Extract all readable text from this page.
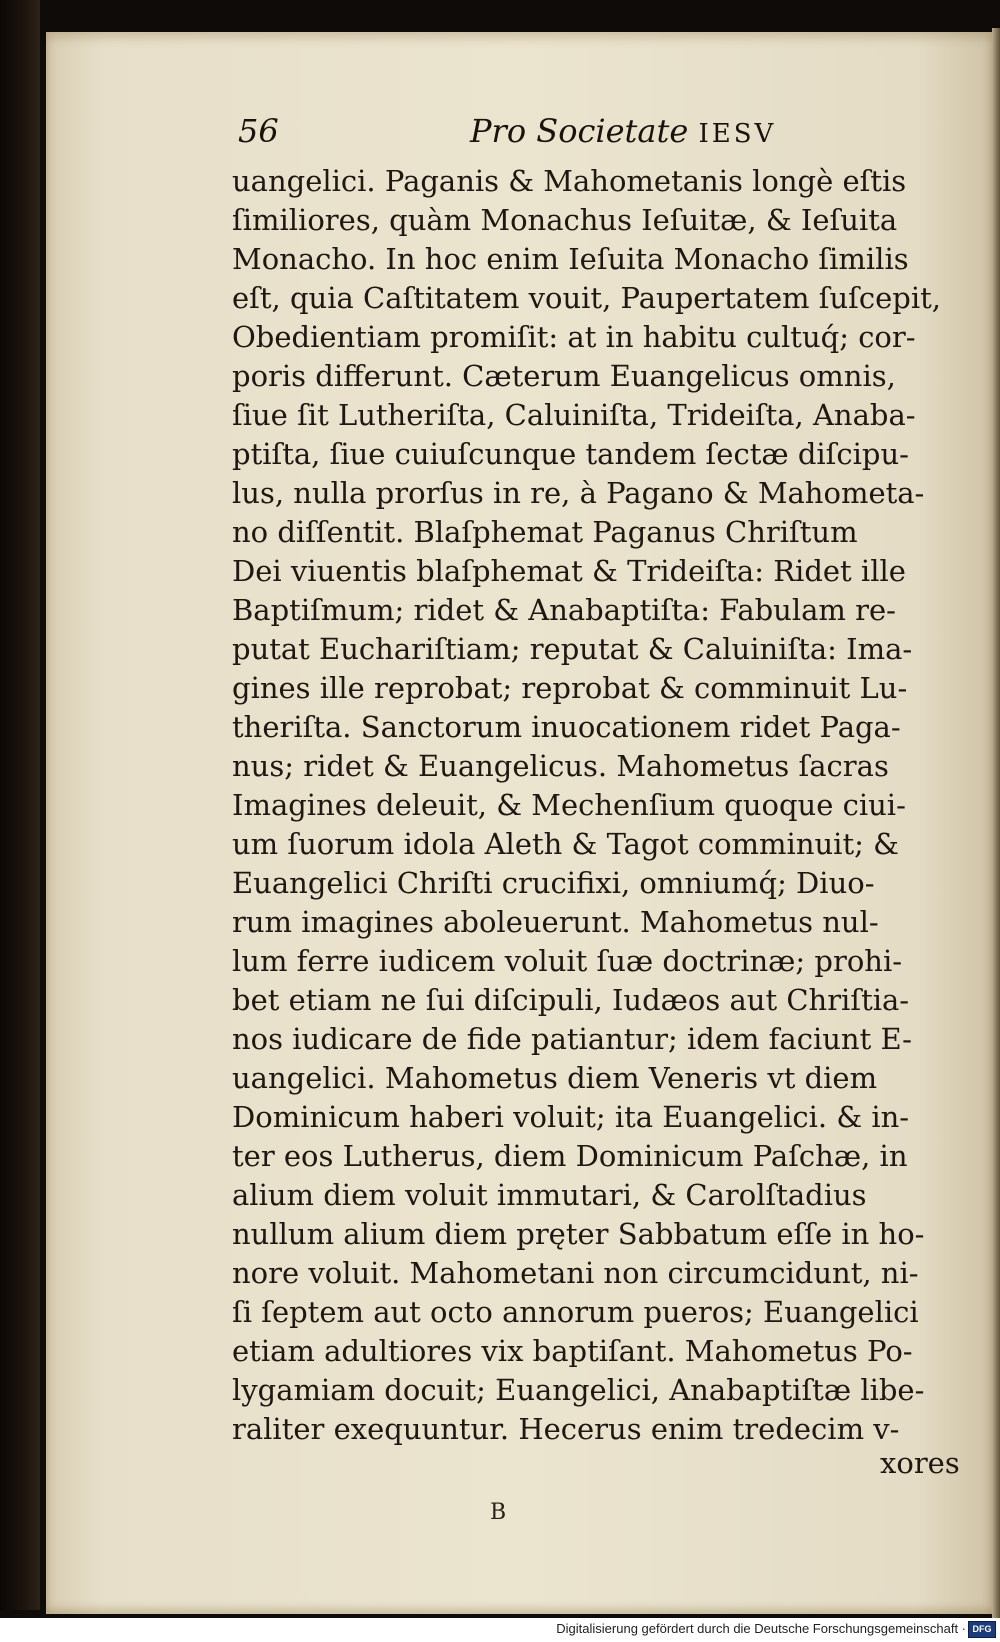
56	Pro Societate IESV
uangelici. Paganis & Mahometanis longè eſtis
ſimiliores, quàm Monachus Ieſuitæ, & Ieſuita
Monacho. In hoc enim Ieſuita Monacho ſimilis
eſt, quia Caſtitatem vouit, Paupertatem ſuſcepit,
Obedientiam promiſit: at in habitu cultuq́; cor-
poris differunt. Cæterum Euangelicus omnis,
ſiue ſit Lutheriſta, Caluiniſta, Trideiſta, Anaba-
ptiſta, ſiue cuiuſcunque tandem ſectæ diſcipu-
lus, nulla prorſus in re, à Pagano & Mahometa-
no diſſentit. Blaſphemat Paganus Chriſtum
Dei viuentis blaſphemat & Trideiſta: Ridet ille
Baptiſmum; ridet & Anabaptiſta: Fabulam re-
putat Euchariſtiam; reputat & Caluiniſta: Ima-
gines ille reprobat; reprobat & comminuit Lu-
theriſta. Sanctorum inuocationem ridet Paga-
nus; ridet & Euangelicus. Mahometus ſacras
Imagines deleuit, & Mechenſium quoque ciui-
um ſuorum idola Aleth & Tagot comminuit; &
Euangelici Chriſti crucifixi, omniumq́; Diuo-
rum imagines aboleuerunt. Mahometus nul-
lum ferre iudicem voluit ſuæ doctrinæ; prohi-
bet etiam ne ſui diſcipuli, Iudæos aut Chriſtia-
nos iudicare de fide patiantur; idem faciunt E-
uangelici. Mahometus diem Veneris vt diem
Dominicum haberi voluit; ita Euangelici. & in-
ter eos Lutherus, diem Dominicum Paſchæ, in
alium diem voluit immutari, & Carolſtadius
nullum alium diem pręter Sabbatum eſſe in ho-
nore voluit. Mahometani non circumcidunt, ni-
ſi ſeptem aut octo annorum pueros; Euangelici
etiam adultiores vix baptiſant. Mahometus Po-
lygamiam docuit; Euangelici, Anabaptiſtæ libe-
raliter exequuntur. Hecerus enim tredecim v-
xores
B
Digitalisierung gefördert durch die Deutsche Forschungsgemeinschaft · DFG
